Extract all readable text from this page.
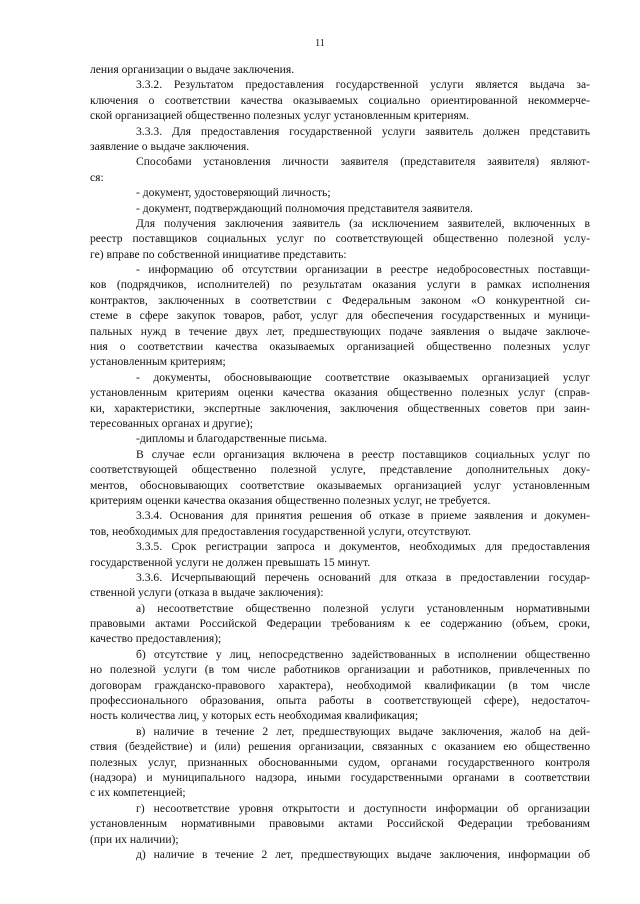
11
ления организации о выдаче заключения.
3.3.2. Результатом предоставления государственной услуги является выдача за-
ключения о соответствии качества оказываемых социально ориентированной некоммерче-
ской организацией общественно полезных услуг установленным критериям.
3.3.3. Для предоставления государственной услуги заявитель должен представить
заявление о выдаче заключения.
Способами установления личности заявителя (представителя заявителя) являют-
ся:
- документ, удостоверяющий личность;
- документ, подтверждающий полномочия представителя заявителя.
Для получения заключения заявитель (за исключением заявителей, включенных в
реестр поставщиков социальных услуг по соответствующей общественно полезной услу-
ге) вправе по собственной инициативе представить:
- информацию об отсутствии организации в реестре недобросовестных поставщи-
ков (подрядчиков, исполнителей) по результатам оказания услуги в рамках исполнения
контрактов, заключенных в соответствии с Федеральным законом «О конкурентной си-
стеме в сфере закупок товаров, работ, услуг для обеспечения государственных и муници-
пальных нужд в течение двух лет, предшествующих подаче заявления о выдаче заключе-
ния о соответствии качества оказываемых организацией общественно полезных услуг
установленным критериям;
- документы, обосновывающие соответствие оказываемых организацией услуг
установленным критериям оценки качества оказания общественно полезных услуг (справ-
ки, характеристики, экспертные заключения, заключения общественных советов при заин-
тересованных органах и другие);
-дипломы и благодарственные письма.
В случае если организация включена в реестр поставщиков социальных услуг по
соответствующей общественно полезной услуге, представление дополнительных доку-
ментов, обосновывающих соответствие оказываемых организацией услуг установленным
критериям оценки качества оказания общественно полезных услуг, не требуется.
3.3.4. Основания для принятия решения об отказе в приеме заявления и докумен-
тов, необходимых для предоставления государственной услуги, отсутствуют.
3.3.5. Срок регистрации запроса и документов, необходимых для предоставления
государственной услуги не должен превышать 15 минут.
3.3.6. Исчерпывающий перечень оснований для отказа в предоставлении государ-
ственной услуги (отказа в выдаче заключения):
а) несоответствие общественно полезной услуги установленным нормативными
правовыми актами Российской Федерации требованиям к ее содержанию (объем, сроки,
качество предоставления);
б) отсутствие у лиц, непосредственно задействованных в исполнении общественно
но полезной услуги (в том числе работников организации и работников, привлеченных по
договорам гражданско-правового характера), необходимой квалификации (в том числе
профессионального образования, опыта работы в соответствующей сфере), недостаточ-
ность количества лиц, у которых есть необходимая квалификация;
в) наличие в течение 2 лет, предшествующих выдаче заключения, жалоб на дей-
ствия (бездействие) и (или) решения организации, связанных с оказанием ею общественно
полезных услуг, признанных обоснованными судом, органами государственного контроля
(надзора) и муниципального надзора, иными государственными органами в соответствии
с их компетенцией;
г) несоответствие уровня открытости и доступности информации об организации
установленным нормативными правовыми актами Российской Федерации требованиям
(при их наличии);
д) наличие в течение 2 лет, предшествующих выдаче заключения, информации об
